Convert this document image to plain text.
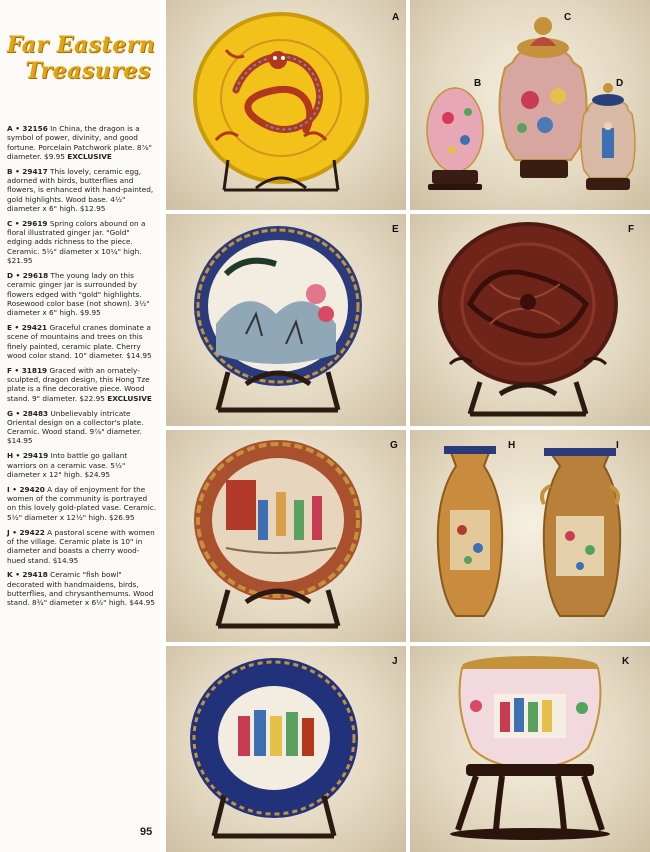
Far Eastern
Treasures

A • 32156 In China, the dragon is a symbol of power, divinity, and good fortune. Porcelain Patchwork plate. 8⅞" diameter. $9.95 EXCLUSIVE

B • 29417 This lovely, ceramic egg, adorned with birds, butterflies and flowers, is enhanced with hand-painted, gold highlights. Wood base. 4½" diameter x 6" high. $12.95

C • 29619 Spring colors abound on a floral illustrated ginger jar. "Gold" edging adds richness to the piece. Ceramic. 5½" diameter x 10¼" high. $21.95

D • 29618 The young lady on this ceramic ginger jar is surrounded by flowers edged with "gold" highlights. Rosewood color base (not shown). 3½" diameter x 6" high. $9.95

E • 29421 Graceful cranes dominate a scene of mountains and trees on this finely painted, ceramic plate. Cherry wood color stand. 10" diameter. $14.95

F • 31819 Graced with an ornately-sculpted, dragon design, this Hong Tze plate is a fine decorative piece. Wood stand. 9" diameter. $22.95 EXCLUSIVE

G • 28483 Unbelievably intricate Oriental design on a collector's plate. Ceramic. Wood stand. 9⅞" diameter. $14.95

H • 29419 Into battle go gallant warriors on a ceramic vase. 5½" diameter x 12" high. $24.95

I • 29420 A day of enjoyment for the women of the community is portrayed on this lovely gold-plated vase. Ceramic. 5½" diameter x 12½" high. $26.95

J • 29422 A pastoral scene with women of the village. Ceramic plate is 10" in diameter and boasts a cherry wood-hued stand. $14.95

K • 29418 Ceramic "fish bowl" decorated with handmaidens, birds, butterflies, and chrysanthemums. Wood stand. 8¾" diameter x 6½" high. $44.95

95
A
B
C
D
E	F
G	H	I
J	K
